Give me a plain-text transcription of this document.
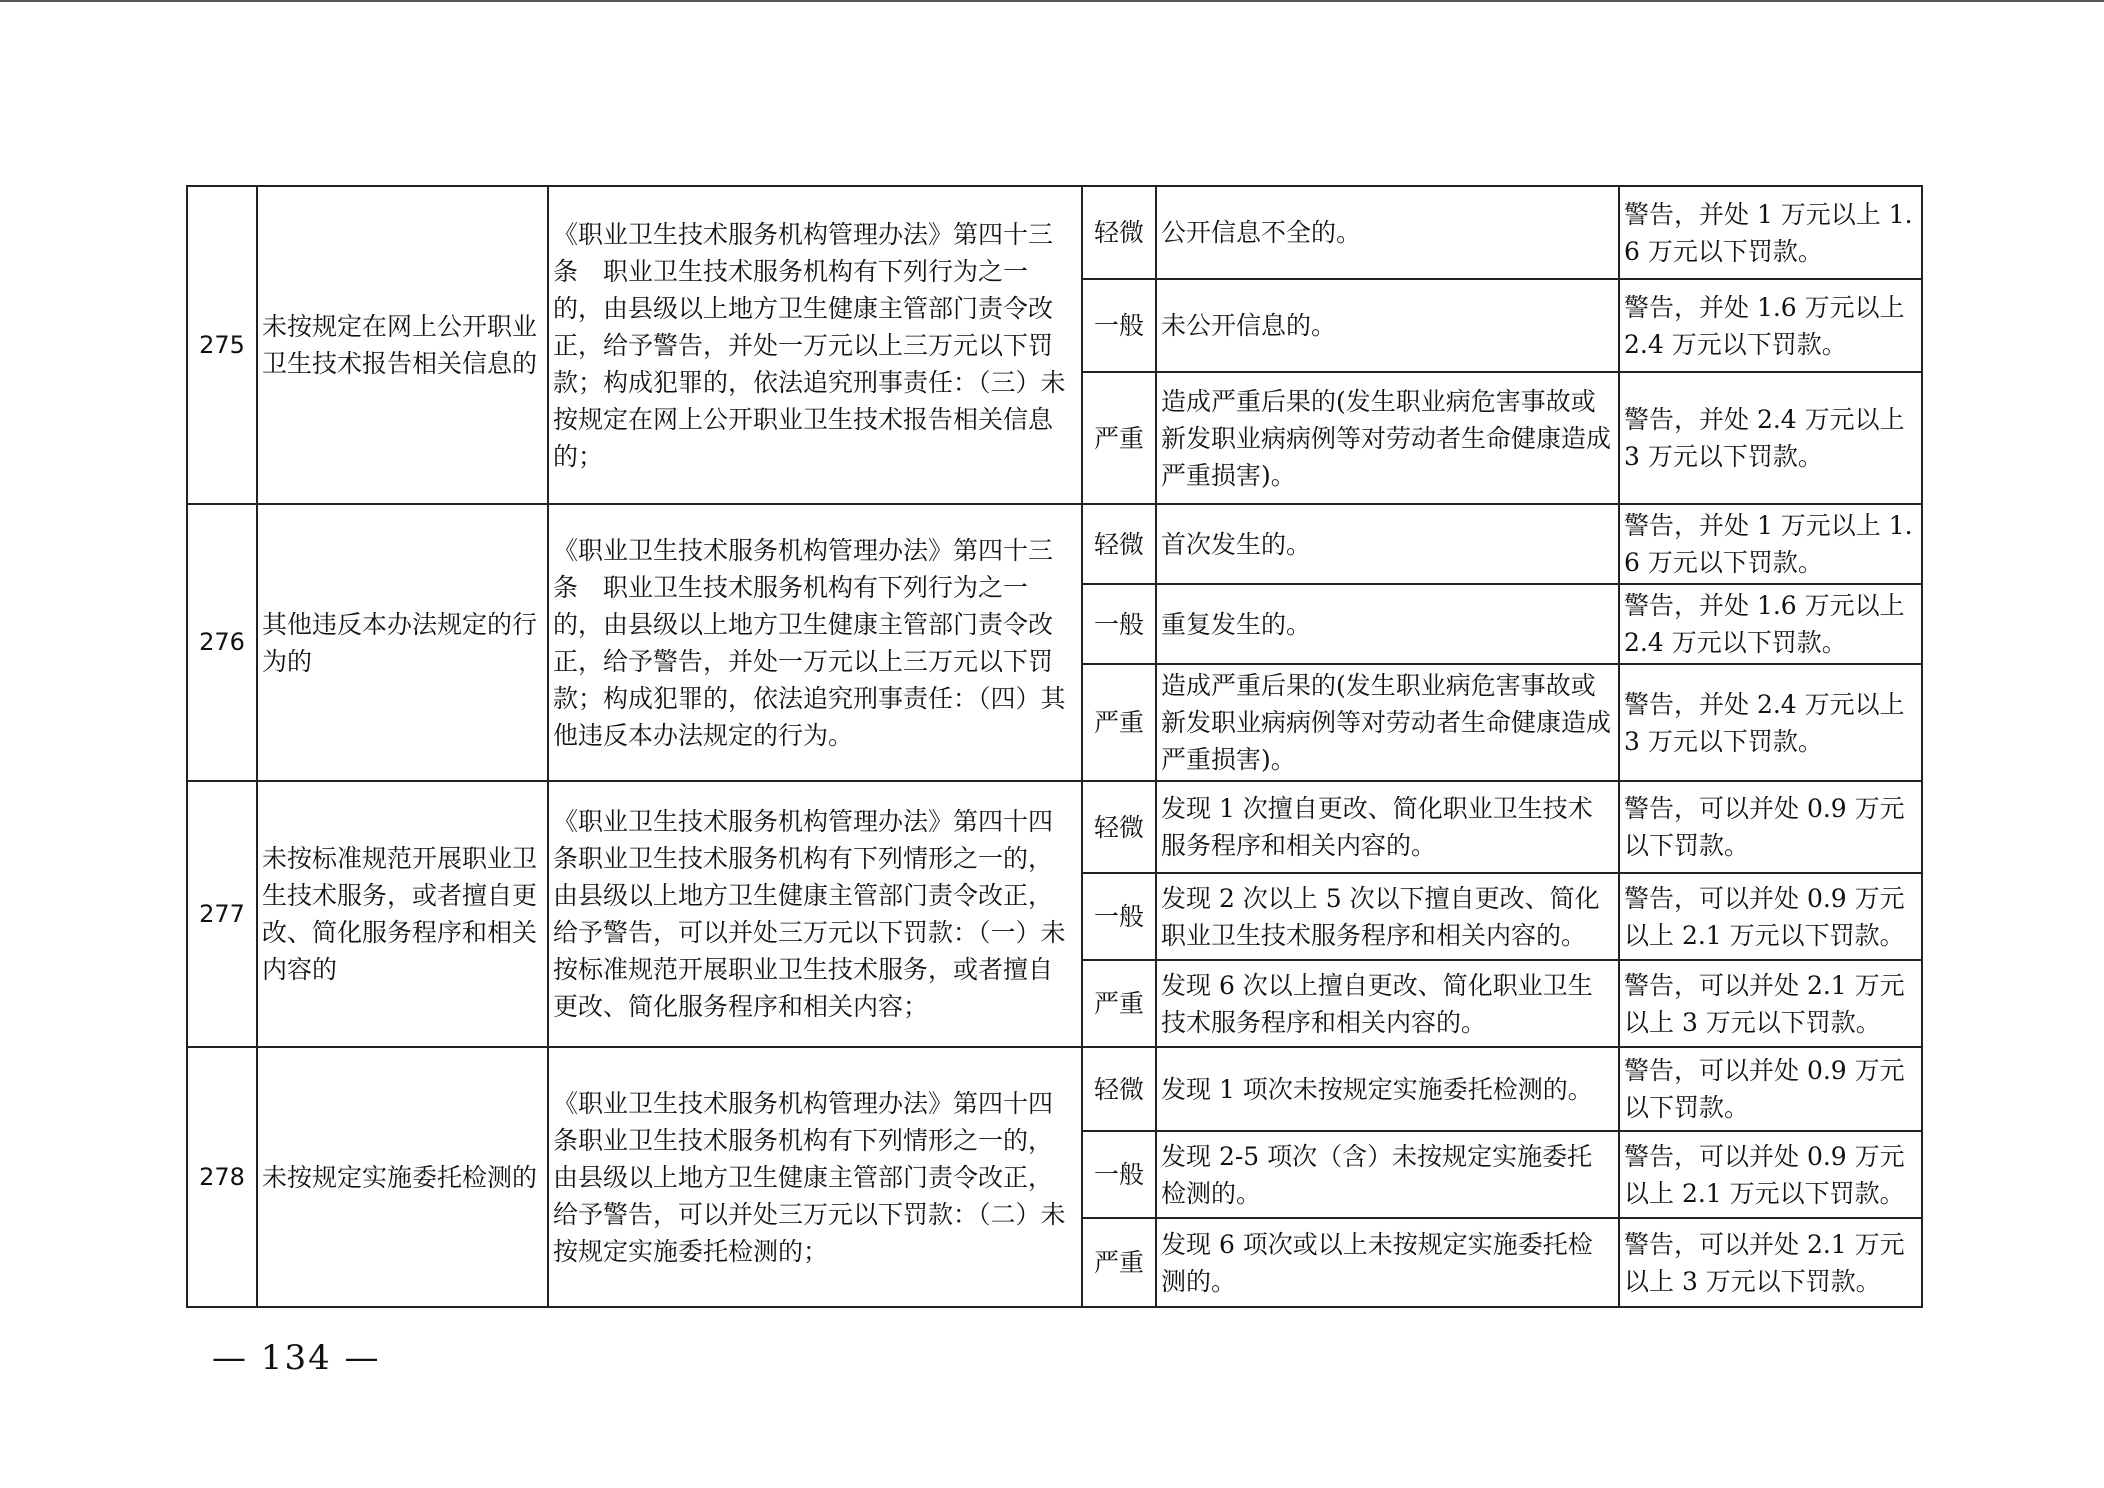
275	未按规定在网上公开职业卫生技术报告相关信息的	《职业卫生技术服务机构管理办法》第四十三条　职业卫生技术服务机构有下列行为之一的，由县级以上地方卫生健康主管部门责令改正，给予警告，并处一万元以上三万元以下罚款；构成犯罪的，依法追究刑事责任：（三）未按规定在网上公开职业卫生技术报告相关信息的；	轻微	公开信息不全的。	警告，并处 1 万元以上 1.6 万元以下罚款。
			一般	未公开信息的。	警告，并处 1.6 万元以上 2.4 万元以下罚款。
			严重	造成严重后果的(发生职业病危害事故或新发职业病病例等对劳动者生命健康造成严重损害)。	警告，并处 2.4 万元以上 3 万元以下罚款。
276	其他违反本办法规定的行为的	《职业卫生技术服务机构管理办法》第四十三条　职业卫生技术服务机构有下列行为之一的，由县级以上地方卫生健康主管部门责令改正，给予警告，并处一万元以上三万元以下罚款；构成犯罪的，依法追究刑事责任：（四）其他违反本办法规定的行为。	轻微	首次发生的。	警告，并处 1 万元以上 1.6 万元以下罚款。
			一般	重复发生的。	警告，并处 1.6 万元以上 2.4 万元以下罚款。
			严重	造成严重后果的(发生职业病危害事故或新发职业病病例等对劳动者生命健康造成严重损害)。	警告，并处 2.4 万元以上 3 万元以下罚款。
277	未按标准规范开展职业卫生技术服务，或者擅自更改、简化服务程序和相关内容的	《职业卫生技术服务机构管理办法》第四十四条职业卫生技术服务机构有下列情形之一的，由县级以上地方卫生健康主管部门责令改正，给予警告，可以并处三万元以下罚款：（一）未按标准规范开展职业卫生技术服务，或者擅自更改、简化服务程序和相关内容；	轻微	发现 1 次擅自更改、简化职业卫生技术服务程序和相关内容的。	警告，可以并处 0.9 万元以下罚款。
			一般	发现 2 次以上 5 次以下擅自更改、简化职业卫生技术服务程序和相关内容的。	警告，可以并处 0.9 万元以上 2.1 万元以下罚款。
			严重	发现 6 次以上擅自更改、简化职业卫生技术服务程序和相关内容的。	警告，可以并处 2.1 万元以上 3 万元以下罚款。
278	未按规定实施委托检测的	《职业卫生技术服务机构管理办法》第四十四条职业卫生技术服务机构有下列情形之一的，由县级以上地方卫生健康主管部门责令改正，给予警告，可以并处三万元以下罚款：（二）未按规定实施委托检测的；	轻微	发现 1 项次未按规定实施委托检测的。	警告，可以并处 0.9 万元以下罚款。
			一般	发现 2-5 项次（含）未按规定实施委托检测的。	警告，可以并处 0.9 万元以上 2.1 万元以下罚款。
			严重	发现 6 项次或以上未按规定实施委托检测的。	警告，可以并处 2.1 万元以上 3 万元以下罚款。
— 134 —
